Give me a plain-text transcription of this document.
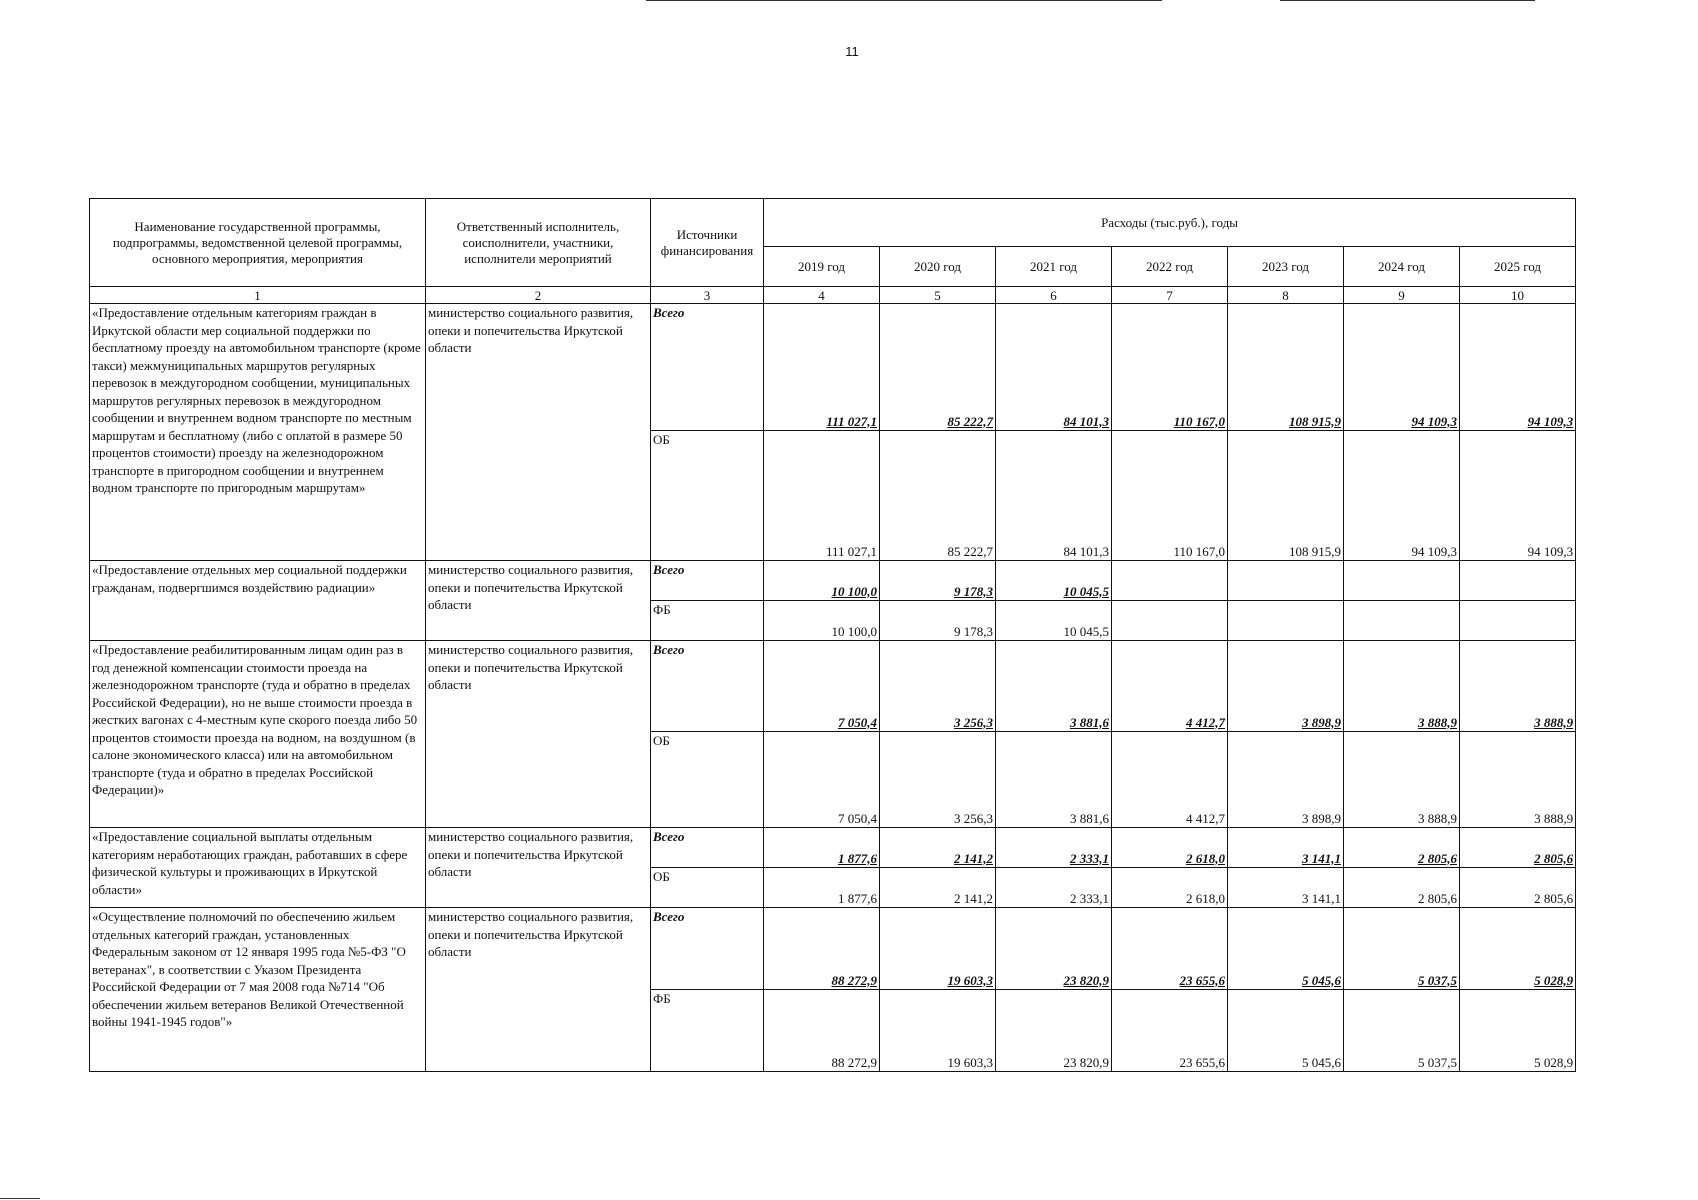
11
Наименование государственной программы, подпрограммы, ведомственной целевой программы, основного мероприятия, мероприятия	Ответственный исполнитель, соисполнители, участники, исполнители мероприятий	Источники финансирования	Расходы (тыс.руб.), годы						
			2019 год	2020 год	2021 год	2022 год	2023 год	2024 год	2025 год
1	2	3	4	5	6	7	8	9	10
«Предоставление отдельным категориям граждан в Иркутской области мер социальной поддержки по бесплатному проезду на автомобильном транспорте (кроме такси) межмуниципальных маршрутов регулярных перевозок в междугородном сообщении, муниципальных маршрутов регулярных перевозок в междугородном сообщении и внутреннем водном транспорте по местным маршрутам и бесплатному (либо с оплатой в размере 50 процентов стоимости) проезду на железнодорожном транспорте в пригородном сообщении и внутреннем водном транспорте по пригородным маршрутам»	министерство социального развития, опеки и попечительства Иркутской области	Всего	111 027,1	85 222,7	84 101,3	110 167,0	108 915,9	94 109,3	94 109,3
		ОБ	111 027,1	85 222,7	84 101,3	110 167,0	108 915,9	94 109,3	94 109,3
«Предоставление отдельных мер социальной поддержки гражданам, подвергшимся воздействию радиации»	министерство социального развития, опеки и попечительства Иркутской области	Всего	10 100,0	9 178,3	10 045,5				
		ФБ	10 100,0	9 178,3	10 045,5				
«Предоставление реабилитированным лицам один раз в год денежной компенсации стоимости проезда на железнодорожном транспорте (туда и обратно в пределах Российской Федерации), но не выше стоимости проезда в жестких вагонах с 4-местным купе скорого поезда либо 50 процентов стоимости проезда на водном, на воздушном (в салоне экономического класса) или на автомобильном транспорте (туда и обратно в пределах Российской Федерации)»	министерство социального развития, опеки и попечительства Иркутской области	Всего	7 050,4	3 256,3	3 881,6	4 412,7	3 898,9	3 888,9	3 888,9
		ОБ	7 050,4	3 256,3	3 881,6	4 412,7	3 898,9	3 888,9	3 888,9
«Предоставление социальной выплаты отдельным категориям неработающих граждан, работавших в сфере физической культуры и проживающих в Иркутской области»	министерство социального развития, опеки и попечительства Иркутской области	Всего	1 877,6	2 141,2	2 333,1	2 618,0	3 141,1	2 805,6	2 805,6
		ОБ	1 877,6	2 141,2	2 333,1	2 618,0	3 141,1	2 805,6	2 805,6
«Осуществление полномочий по обеспечению жильем отдельных категорий граждан, установленных Федеральным законом от 12 января 1995 года №5-ФЗ "О ветеранах", в соответствии с Указом Президента Российской Федерации от 7 мая 2008 года №714 "Об обеспечении жильем ветеранов Великой Отечественной войны 1941-1945 годов"»	министерство социального развития, опеки и попечительства Иркутской области	Всего	88 272,9	19 603,3	23 820,9	23 655,6	5 045,6	5 037,5	5 028,9
		ФБ	88 272,9	19 603,3	23 820,9	23 655,6	5 045,6	5 037,5	5 028,9
